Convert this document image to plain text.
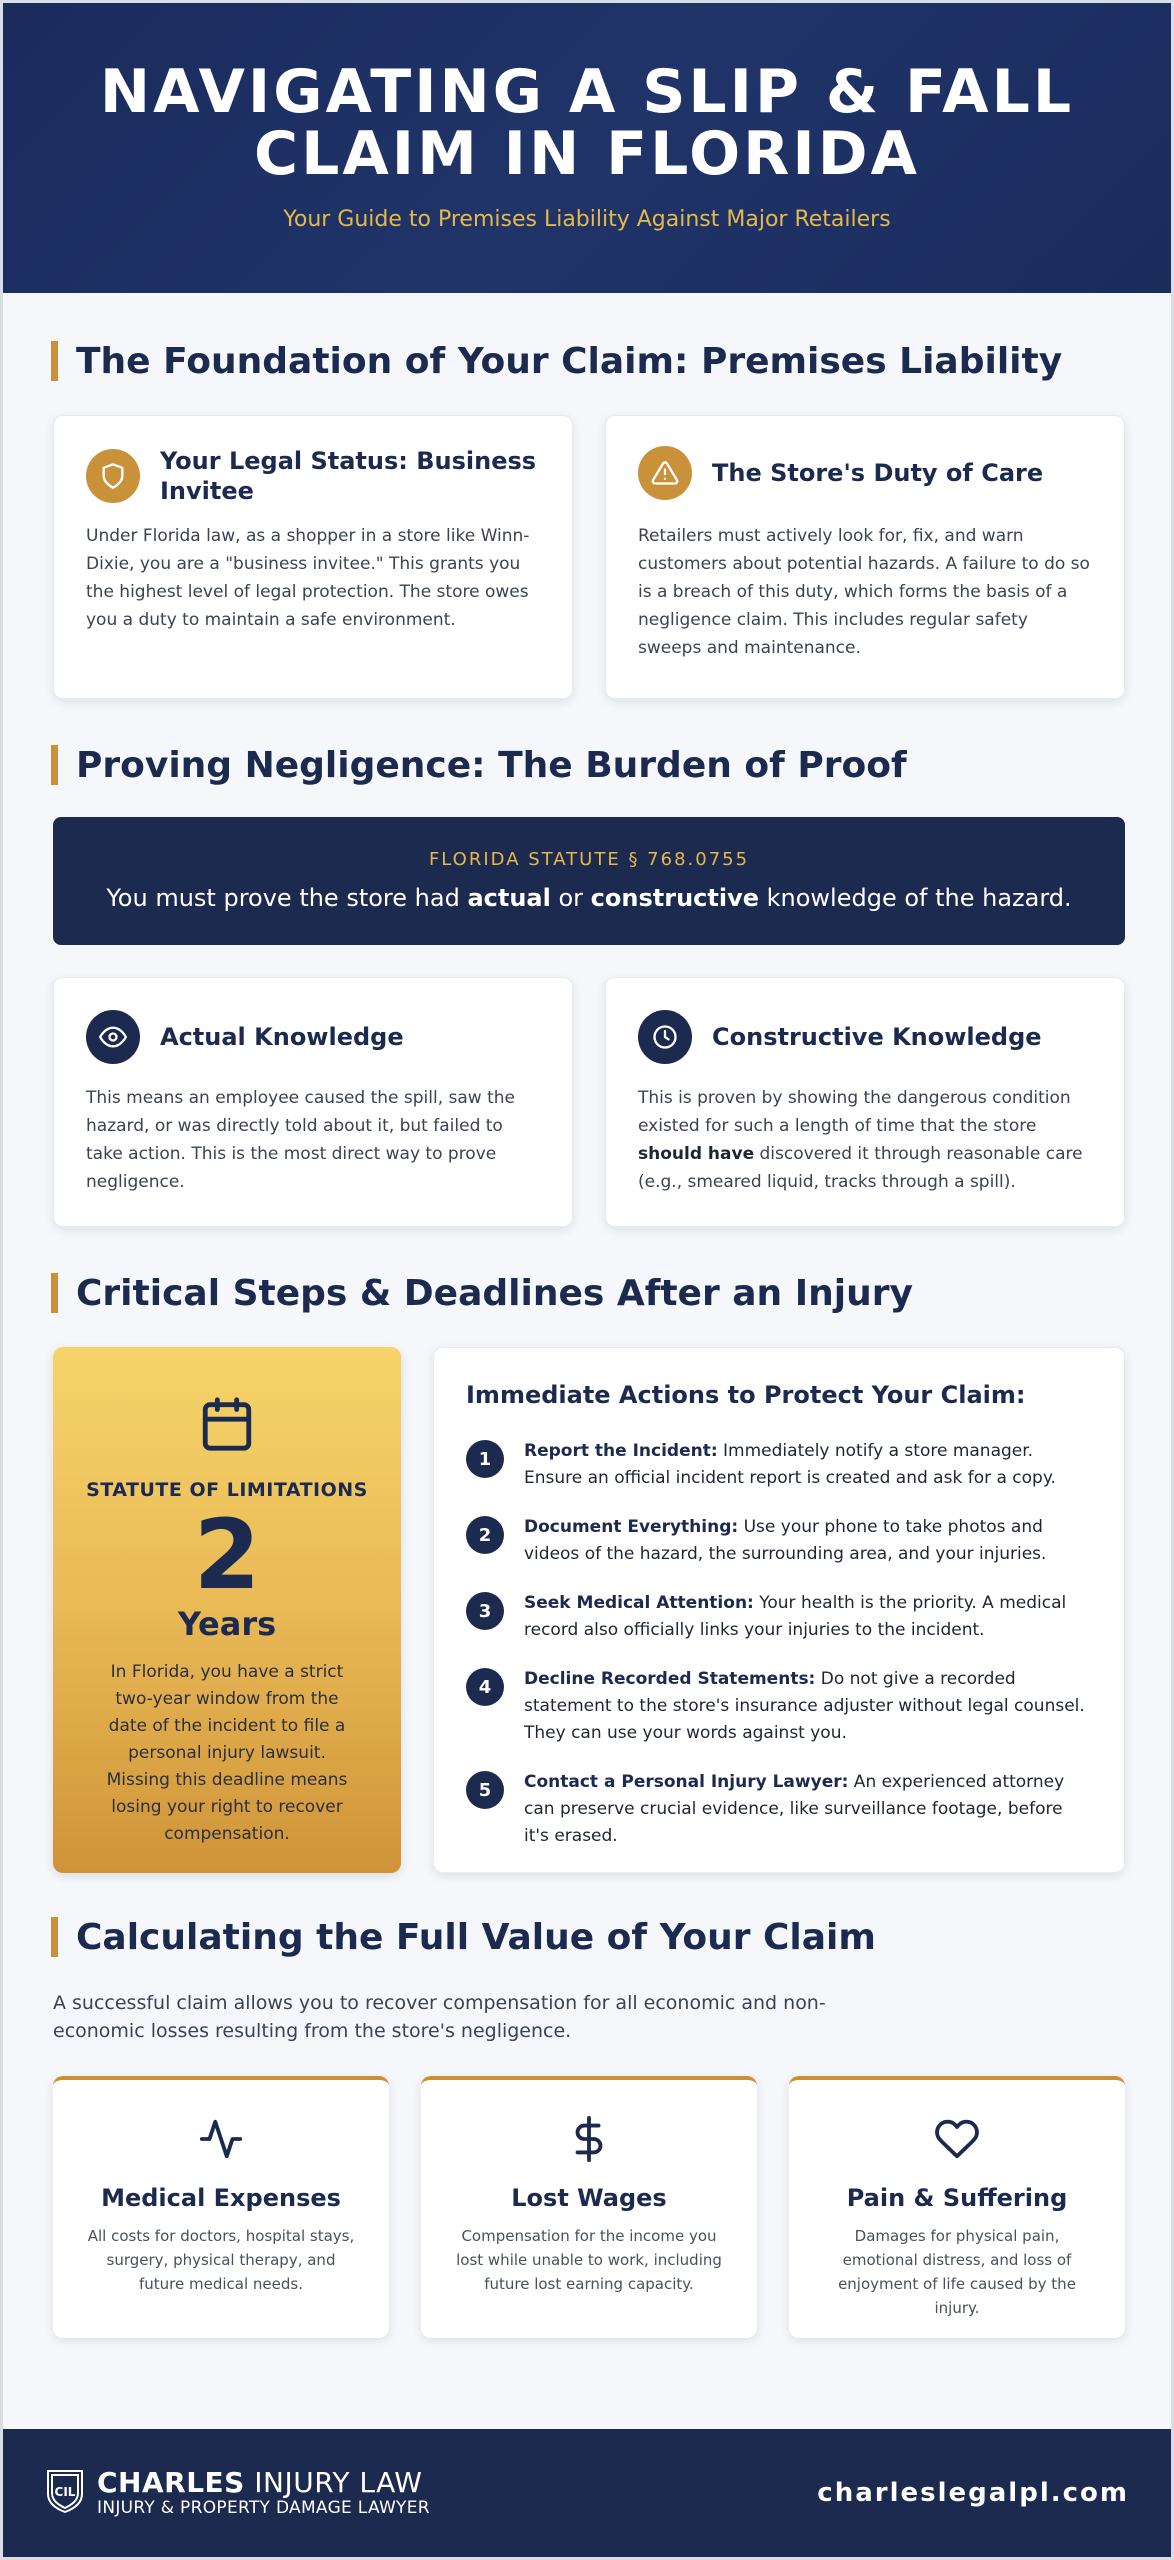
NAVIGATING A SLIP & FALL CLAIM IN FLORIDA
Your Guide to Premises Liability Against Major Retailers
The Foundation of Your Claim: Premises Liability
Your Legal Status: Business Invitee

Under Florida law, as a shopper in a store like Winn-Dixie, you are a "business invitee." This grants you the highest level of legal protection. The store owes you a duty to maintain a safe environment.

The Store's Duty of Care

Retailers must actively look for, fix, and warn customers about potential hazards. A failure to do so is a breach of this duty, which forms the basis of a negligence claim. This includes regular safety sweeps and maintenance.

Proving Negligence: The Burden of Proof
FLORIDA STATUTE § 768.0755
You must prove the store had actual or constructive knowledge of the hazard.
Actual Knowledge

This means an employee caused the spill, saw the hazard, or was directly told about it, but failed to take action. This is the most direct way to prove negligence.

Constructive Knowledge

This is proven by showing the dangerous condition existed for such a length of time that the store should have discovered it through reasonable care (e.g., smeared liquid, tracks through a spill).

Critical Steps & Deadlines After an Injury
STATUTE OF LIMITATIONS
2
Years
In Florida, you have a strict two-year window from the date of the incident to file a personal injury lawsuit. Missing this deadline means losing your right to recover compensation.
Immediate Actions to Protect Your Claim:
1	Report the Incident: Immediately notify a store manager. Ensure an official incident report is created and ask for a copy.
2	Document Everything: Use your phone to take photos and videos of the hazard, the surrounding area, and your injuries.
3	Seek Medical Attention: Your health is the priority. A medical record also officially links your injuries to the incident.
4	Decline Recorded Statements: Do not give a recorded statement to the store's insurance adjuster without legal counsel. They can use your words against you.
5	Contact a Personal Injury Lawyer: An experienced attorney can preserve crucial evidence, like surveillance footage, before it's erased.
Calculating the Full Value of Your Claim

A successful claim allows you to recover compensation for all economic and non-economic losses resulting from the store's negligence.

Medical Expenses

All costs for doctors, hospital stays, surgery, physical therapy, and future medical needs.

Lost Wages

Compensation for the income you lost while unable to work, including future lost earning capacity.

Pain & Suffering

Damages for physical pain, emotional distress, and loss of enjoyment of life caused by the injury.

CIL CHARLES INJURY LAW
INJURY & PROPERTY DAMAGE LAWYER	charleslegalpl.com
